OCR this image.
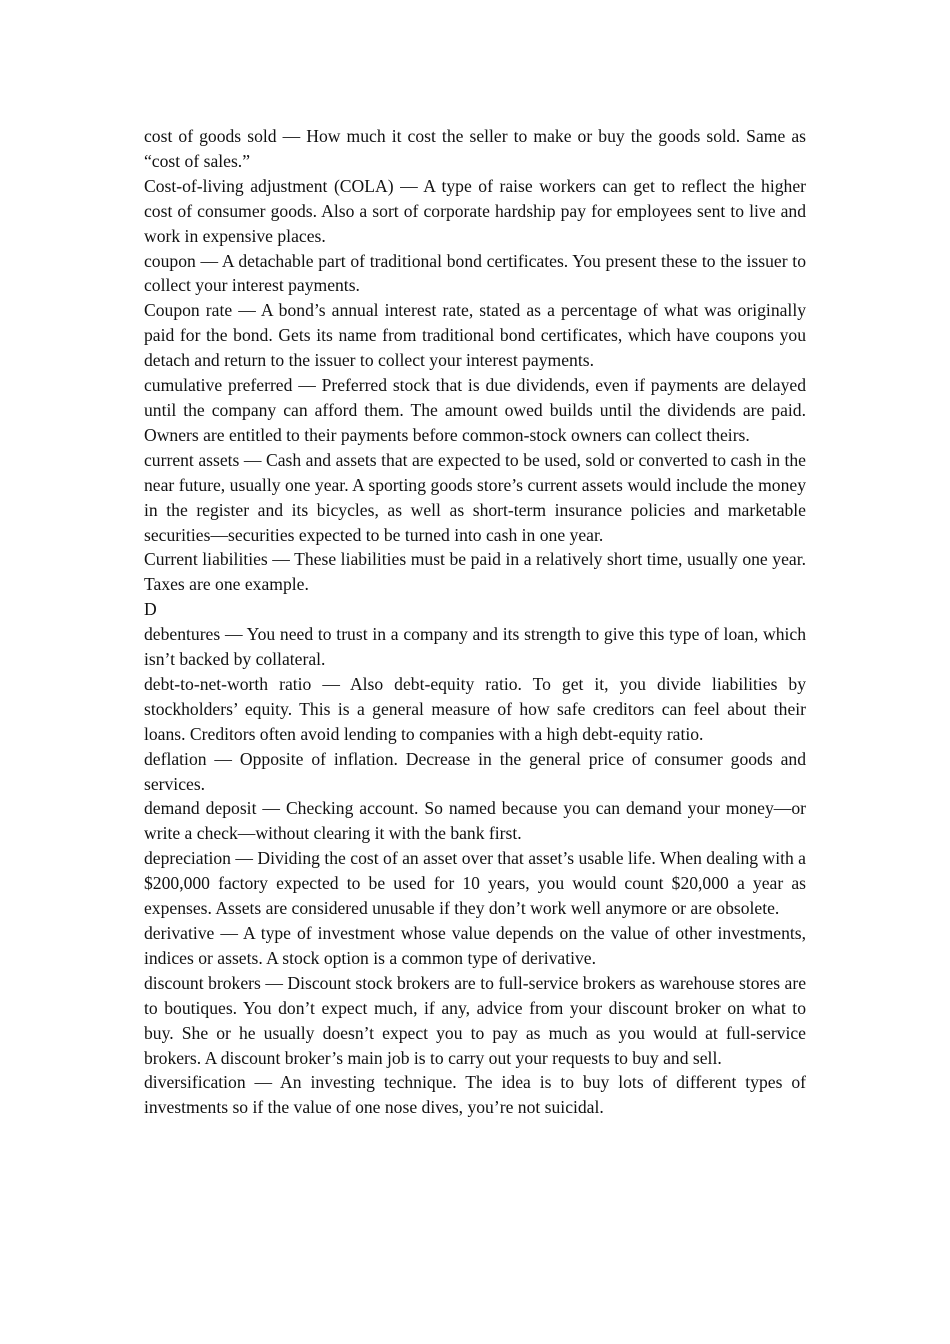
cost of goods sold — How much it cost the seller to make or buy the goods sold. Same as “cost of sales.”

Cost-of-living adjustment (COLA) — A type of raise workers can get to reflect the higher cost of consumer goods. Also a sort of corporate hardship pay for employees sent to live and work in expensive places.

coupon — A detachable part of traditional bond certificates. You present these to the issuer to collect your interest payments.

Coupon rate — A bond’s annual interest rate, stated as a percentage of what was originally paid for the bond. Gets its name from traditional bond certificates, which have coupons you detach and return to the issuer to collect your interest payments.

cumulative preferred — Preferred stock that is due dividends, even if payments are delayed until the company can afford them. The amount owed builds until the dividends are paid. Owners are entitled to their payments before common-stock owners can collect theirs.

current assets — Cash and assets that are expected to be used, sold or converted to cash in the near future, usually one year. A sporting goods store’s current assets would include the money in the register and its bicycles, as well as short-term insurance policies and marketable securities—securities expected to be turned into cash in one year.

Current liabilities — These liabilities must be paid in a relatively short time, usually one year. Taxes are one example.

D

debentures — You need to trust in a company and its strength to give this type of loan, which isn’t backed by collateral.

debt-to-net-worth ratio — Also debt-equity ratio. To get it, you divide liabilities by stockholders’ equity. This is a general measure of how safe creditors can feel about their loans. Creditors often avoid lending to companies with a high debt-equity ratio.

deflation — Opposite of inflation. Decrease in the general price of consumer goods and services.

demand deposit — Checking account. So named because you can demand your money—or write a check—without clearing it with the bank first.

depreciation — Dividing the cost of an asset over that asset’s usable life. When dealing with a $200,000 factory expected to be used for 10 years, you would count $20,000 a year as expenses. Assets are considered unusable if they don’t work well anymore or are obsolete.

derivative — A type of investment whose value depends on the value of other investments, indices or assets. A stock option is a common type of derivative.

discount brokers — Discount stock brokers are to full-service brokers as warehouse stores are to boutiques. You don’t expect much, if any, advice from your discount broker on what to buy. She or he usually doesn’t expect you to pay as much as you would at full-service brokers. A discount broker’s main job is to carry out your requests to buy and sell.

diversification — An investing technique. The idea is to buy lots of different types of investments so if the value of one nose dives, you’re not suicidal.
